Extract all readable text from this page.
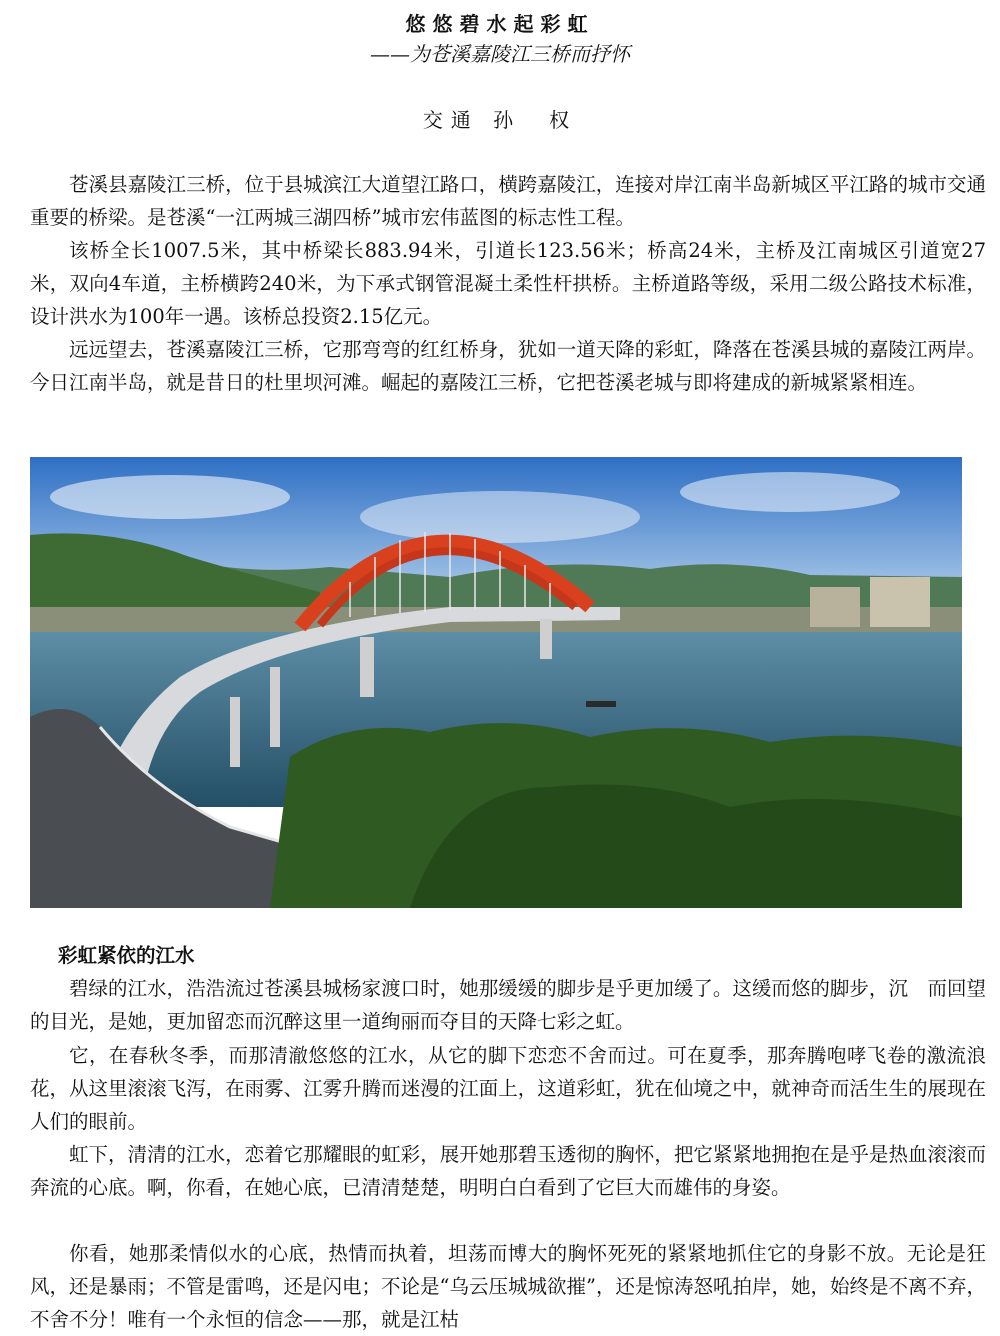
悠悠碧水起彩虹
——为苍溪嘉陵江三桥而抒怀
交通 孙　权

苍溪县嘉陵江三桥，位于县城滨江大道望江路口，横跨嘉陵江，连接对岸江南半岛新城区平江路的城市交通重要的桥梁。是苍溪“一江两城三湖四桥”城市宏伟蓝图的标志性工程。

该桥全长1007.5米，其中桥梁长883.94米，引道长123.56米；桥高24米，主桥及江南城区引道宽27米，双向4车道，主桥横跨240米，为下承式钢管混凝土柔性杆拱桥。主桥道路等级，采用二级公路技术标准，设计洪水为100年一遇。该桥总投资2.15亿元。

远远望去，苍溪嘉陵江三桥，它那弯弯的红红桥身，犹如一道天降的彩虹，降落在苍溪县城的嘉陵江两岸。今日江南半岛，就是昔日的杜里坝河滩。崛起的嘉陵江三桥，它把苍溪老城与即将建成的新城紧紧相连。

彩虹紧依的江水

碧绿的江水，浩浩流过苍溪县城杨家渡口时，她那缓缓的脚步是乎更加缓了。这缓而悠的脚步，沉　而回望的目光，是她，更加留恋而沉醉这里一道绚丽而夺目的天降七彩之虹。

它，在春秋冬季，而那清澈悠悠的江水，从它的脚下恋恋不舍而过。可在夏季，那奔腾咆哮飞卷的激流浪花，从这里滚滚飞泻，在雨雾、江雾升腾而迷漫的江面上，这道彩虹，犹在仙境之中，就神奇而活生生的展现在人们的眼前。

虹下，清清的江水，恋着它那耀眼的虹彩，展开她那碧玉透彻的胸怀，把它紧紧地拥抱在是乎是热血滚滚而奔流的心底。啊，你看，在她心底，已清清楚楚，明明白白看到了它巨大而雄伟的身姿。

你看，她那柔情似水的心底，热情而执着，坦荡而博大的胸怀死死的紧紧地抓住它的身影不放。无论是狂风，还是暴雨；不管是雷鸣，还是闪电；不论是“乌云压城城欲摧”，还是惊涛怒吼拍岸，她，始终是不离不弃，不舍不分！唯有一个永恒的信念——那，就是江枯
